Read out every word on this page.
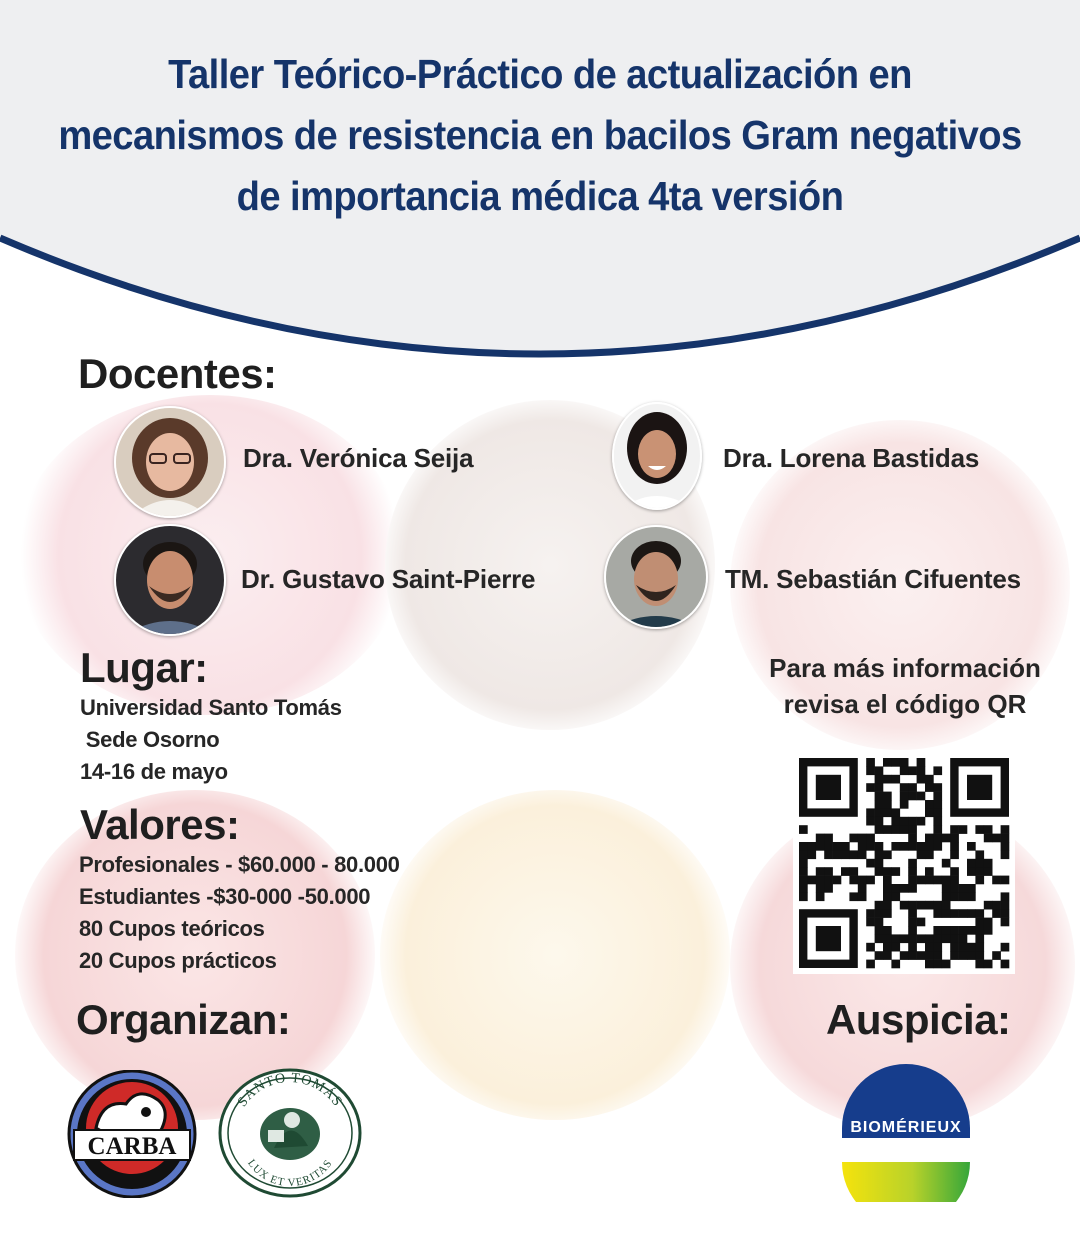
Taller Teórico-Práctico de actualización en
mecanismos de resistencia en bacilos Gram negativos
de importancia médica 4ta versión
Docentes:
Dra. Verónica Seija	Dra. Lorena Bastidas
Dr. Gustavo Saint-Pierre	TM. Sebastián Cifuentes
Lugar:
Universidad Santo Tomás
Sede Osorno
14-16 de mayo
Valores:
Profesionales - $60.000 - 80.000
Estudiantes -$30-000 -50.000
80 Cupos teóricos
20 Cupos prácticos
Para más información
revisa el código QR
Organizan:
CARBA
SANTO TOMÁS
LUX ET VERITAS
Auspicia:
BIOMÉRIEUX
